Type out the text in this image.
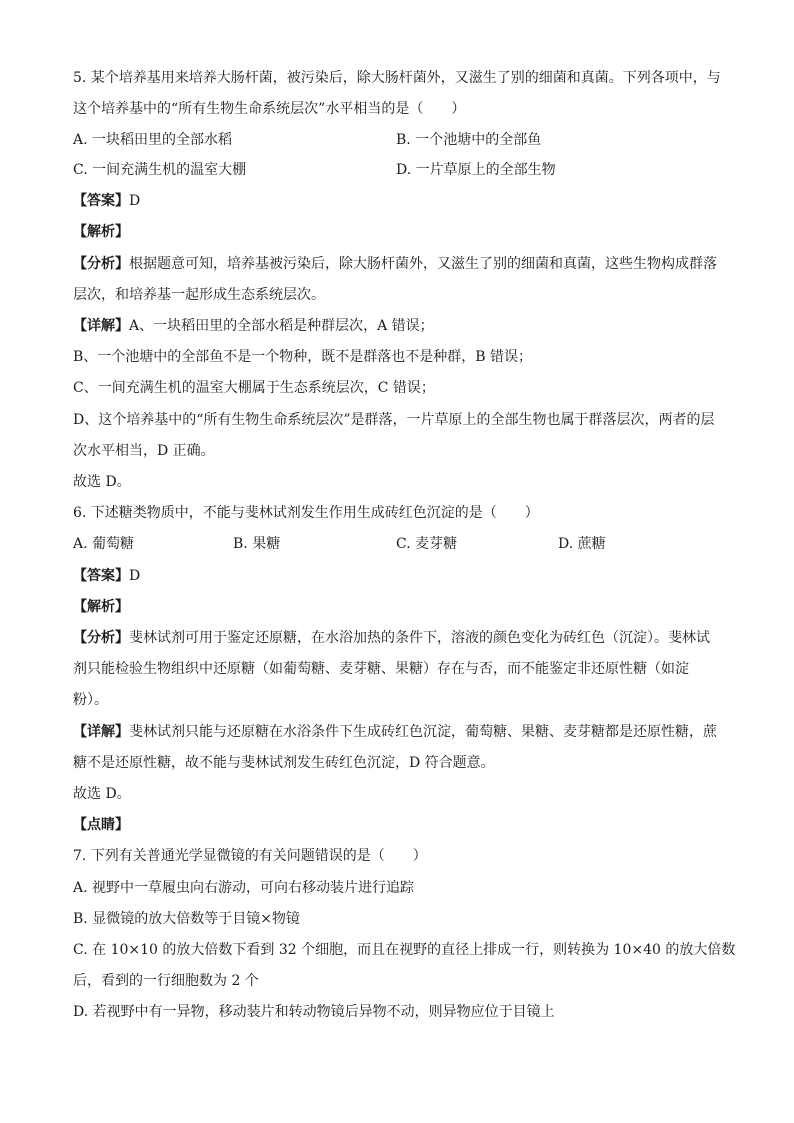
5. 某个培养基用来培养大肠杆菌，被污染后，除大肠杆菌外，又滋生了别的细菌和真菌。下列各项中，与
这个培养基中的“所有生物生命系统层次”水平相当的是（　　）
A. 一块稻田里的全部水稻	B. 一个池塘中的全部鱼
C. 一间充满生机的温室大棚	D. 一片草原上的全部生物
【答案】D
【解析】
【分析】根据题意可知，培养基被污染后，除大肠杆菌外，又滋生了别的细菌和真菌，这些生物构成群落
层次，和培养基一起形成生态系统层次。
【详解】A、一块稻田里的全部水稻是种群层次，A 错误；
B、一个池塘中的全部鱼不是一个物种，既不是群落也不是种群，B 错误；
C、一间充满生机的温室大棚属于生态系统层次，C 错误；
D、这个培养基中的“所有生物生命系统层次”是群落，一片草原上的全部生物也属于群落层次，两者的层
次水平相当，D 正确。
故选 D。
6. 下述糖类物质中，不能与斐林试剂发生作用生成砖红色沉淀的是（　　）
A. 葡萄糖	B. 果糖	C. 麦芽糖	D. 蔗糖
【答案】D
【解析】
【分析】斐林试剂可用于鉴定还原糖，在水浴加热的条件下，溶液的颜色变化为砖红色（沉淀）。斐林试
剂只能检验生物组织中还原糖（如葡萄糖、麦芽糖、果糖）存在与否，而不能鉴定非还原性糖（如淀
粉）。
【详解】斐林试剂只能与还原糖在水浴条件下生成砖红色沉淀，葡萄糖、果糖、麦芽糖都是还原性糖，蔗
糖不是还原性糖，故不能与斐林试剂发生砖红色沉淀，D 符合题意。
故选 D。
【点睛】
7. 下列有关普通光学显微镜的有关问题错误的是（　　）
A. 视野中一草履虫向右游动，可向右移动装片进行追踪
B. 显微镜的放大倍数等于目镜×物镜
C. 在 10×10 的放大倍数下看到 32 个细胞，而且在视野的直径上排成一行，则转换为 10×40 的放大倍数
后，看到的一行细胞数为 2 个
D. 若视野中有一异物，移动装片和转动物镜后异物不动，则异物应位于目镜上
